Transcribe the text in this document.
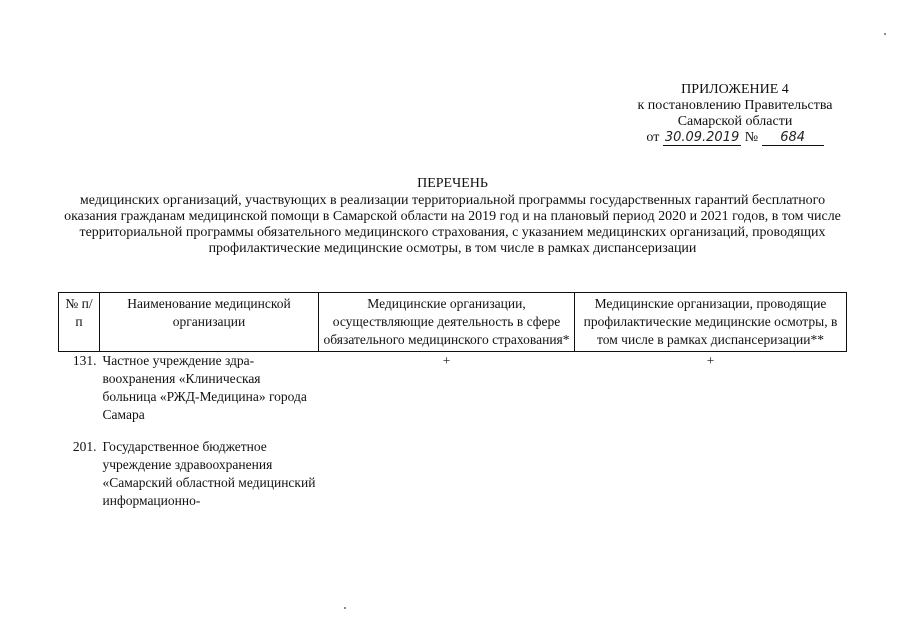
ПРИЛОЖЕНИЕ 4
к постановлению Правительства
Самарской области
от 30.09.2019 № 684
ПЕРЕЧЕНЬ
медицинских организаций, участвующих в реализации территориальной программы государственных гарантий бесплатного оказания гражданам медицинской помощи в Самарской области на 2019 год и на плановый период 2020 и 2021 годов, в том числе территориальной программы обязательного медицинского страхования, с указанием медицинских организаций, проводящих профилактические медицинские осмотры, в том числе в рамках диспансеризации
№ п/п	Наименование медицинской организации	Медицинские организации, осуществляющие деятельность в сфере обязательного медицинского страхования*	Медицинские организации, проводящие профилактические медицинские осмотры, в том числе в рамках диспансеризации**
131.	Частное учреждение здра-воохранения «Клиническая больница «РЖД-Медицина» города Самара	+	+
201.	Государственное бюджетное учреждение здравоохранения «Самарский областной медицинский информационно-		
